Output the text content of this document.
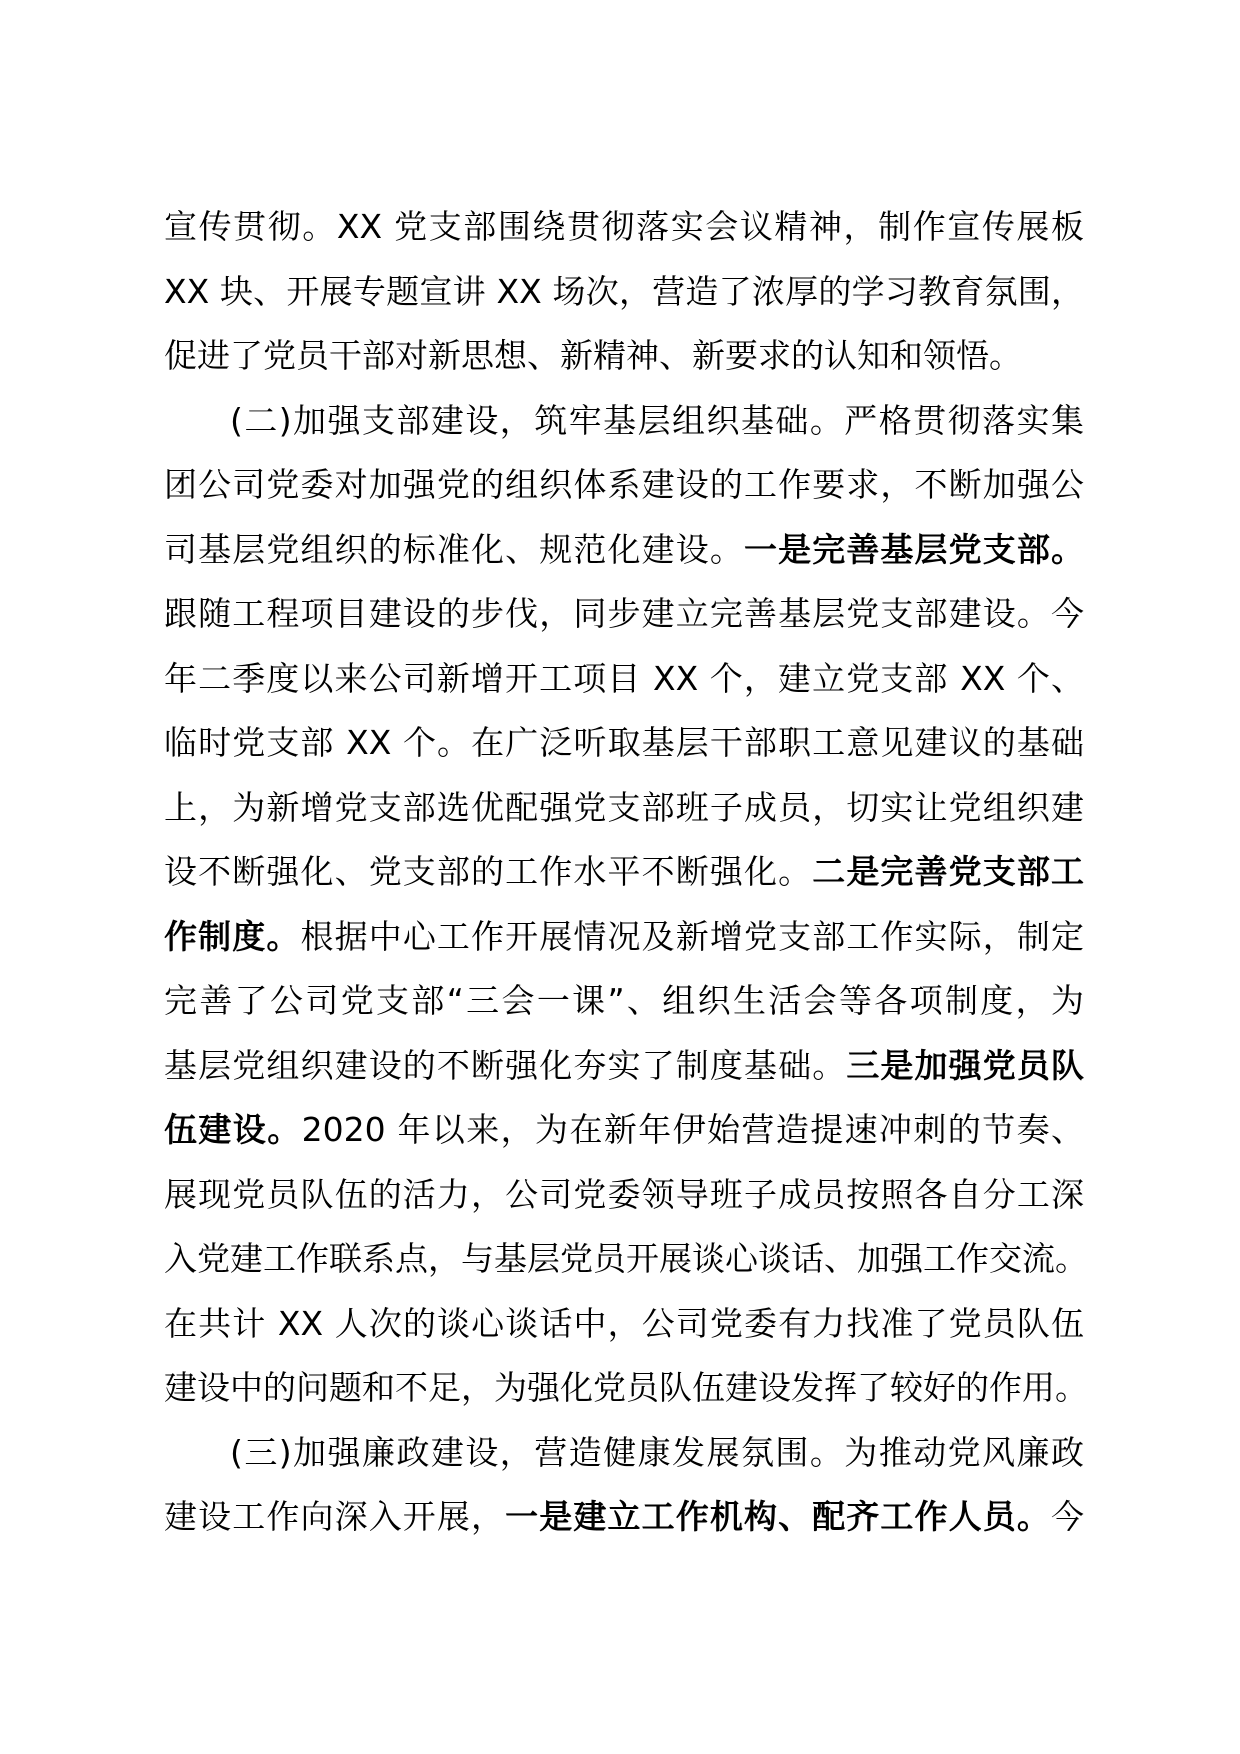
宣传贯彻。XX 党支部围绕贯彻落实会议精神，制作宣传展板
XX 块、开展专题宣讲 XX 场次，营造了浓厚的学习教育氛围，
促进了党员干部对新思想、新精神、新要求的认知和领悟。
(二)加强支部建设，筑牢基层组织基础。严格贯彻落实集
团公司党委对加强党的组织体系建设的工作要求，不断加强公
司基层党组织的标准化、规范化建设。一是完善基层党支部。
跟随工程项目建设的步伐，同步建立完善基层党支部建设。今
年二季度以来公司新增开工项目 XX 个，建立党支部 XX 个、
临时党支部 XX 个。在广泛听取基层干部职工意见建议的基础
上，为新增党支部选优配强党支部班子成员，切实让党组织建
设不断强化、党支部的工作水平不断强化。二是完善党支部工
作制度。根据中心工作开展情况及新增党支部工作实际，制定
完善了公司党支部“三会一课”、组织生活会等各项制度，为
基层党组织建设的不断强化夯实了制度基础。三是加强党员队
伍建设。2020 年以来，为在新年伊始营造提速冲刺的节奏、
展现党员队伍的活力，公司党委领导班子成员按照各自分工深
入党建工作联系点，与基层党员开展谈心谈话、加强工作交流。
在共计 XX 人次的谈心谈话中，公司党委有力找准了党员队伍
建设中的问题和不足，为强化党员队伍建设发挥了较好的作用。
(三)加强廉政建设，营造健康发展氛围。为推动党风廉政
建设工作向深入开展，一是建立工作机构、配齐工作人员。今
